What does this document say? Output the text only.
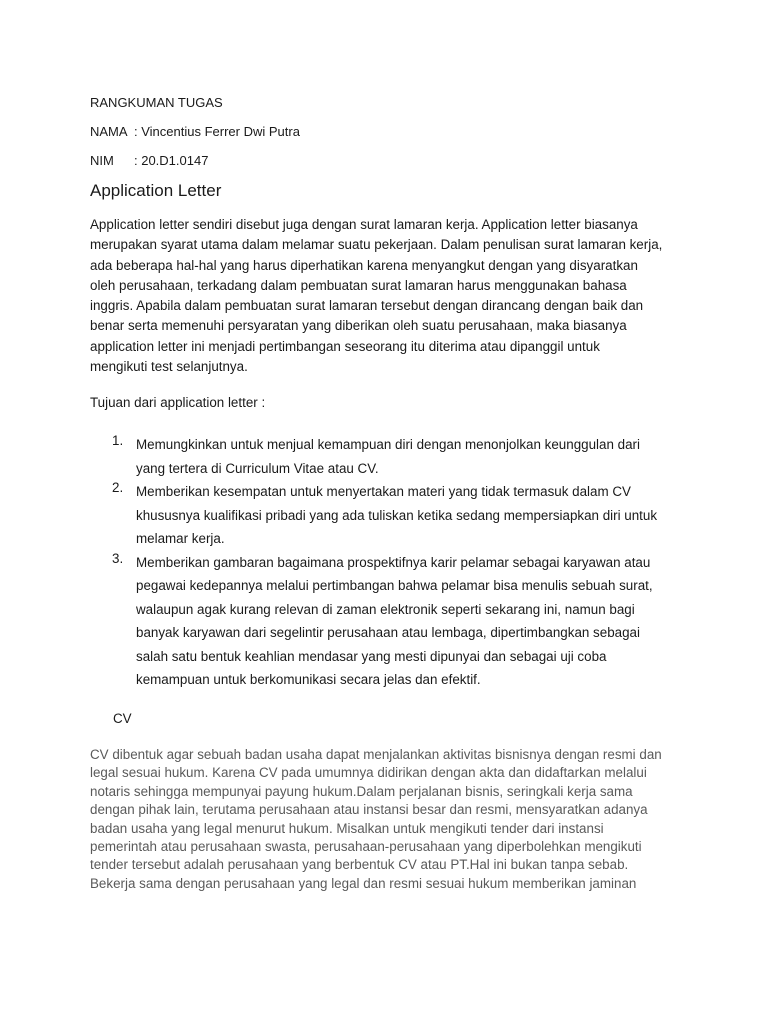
RANGKUMAN TUGAS
NAMA : Vincentius Ferrer Dwi Putra
NIM : 20.D1.0147
Application Letter

Application letter sendiri disebut juga dengan surat lamaran kerja. Application letter biasanya

merupakan syarat utama dalam melamar suatu pekerjaan. Dalam penulisan surat lamaran kerja,

ada beberapa hal-hal yang harus diperhatikan karena menyangkut dengan yang disyaratkan

oleh perusahaan, terkadang dalam pembuatan surat lamaran harus menggunakan bahasa

inggris. Apabila dalam pembuatan surat lamaran tersebut dengan dirancang dengan baik dan

benar serta memenuhi persyaratan yang diberikan oleh suatu perusahaan, maka biasanya

application letter ini menjadi pertimbangan seseorang itu diterima atau dipanggil untuk

mengikuti test selanjutnya.

Tujuan dari application letter :

1. Memungkinkan untuk menjual kemampuan diri dengan menonjolkan keunggulan dari

yang tertera di Curriculum Vitae atau CV.

2. Memberikan kesempatan untuk menyertakan materi yang tidak termasuk dalam CV

khususnya kualifikasi pribadi yang ada tuliskan ketika sedang mempersiapkan diri untuk

melamar kerja.

3. Memberikan gambaran bagaimana prospektifnya karir pelamar sebagai karyawan atau

pegawai kedepannya melalui pertimbangan bahwa pelamar bisa menulis sebuah surat,

walaupun agak kurang relevan di zaman elektronik seperti sekarang ini, namun bagi

banyak karyawan dari segelintir perusahaan atau lembaga, dipertimbangkan sebagai

salah satu bentuk keahlian mendasar yang mesti dipunyai dan sebagai uji coba

kemampuan untuk berkomunikasi secara jelas dan efektif.

CV

CV dibentuk agar sebuah badan usaha dapat menjalankan aktivitas bisnisnya dengan resmi dan

legal sesuai hukum. Karena CV pada umumnya didirikan dengan akta dan didaftarkan melalui

notaris sehingga mempunyai payung hukum.Dalam perjalanan bisnis, seringkali kerja sama

dengan pihak lain, terutama perusahaan atau instansi besar dan resmi, mensyaratkan adanya

badan usaha yang legal menurut hukum. Misalkan untuk mengikuti tender dari instansi

pemerintah atau perusahaan swasta, perusahaan-perusahaan yang diperbolehkan mengikuti

tender tersebut adalah perusahaan yang berbentuk CV atau PT.Hal ini bukan tanpa sebab.

Bekerja sama dengan perusahaan yang legal dan resmi sesuai hukum memberikan jaminan
